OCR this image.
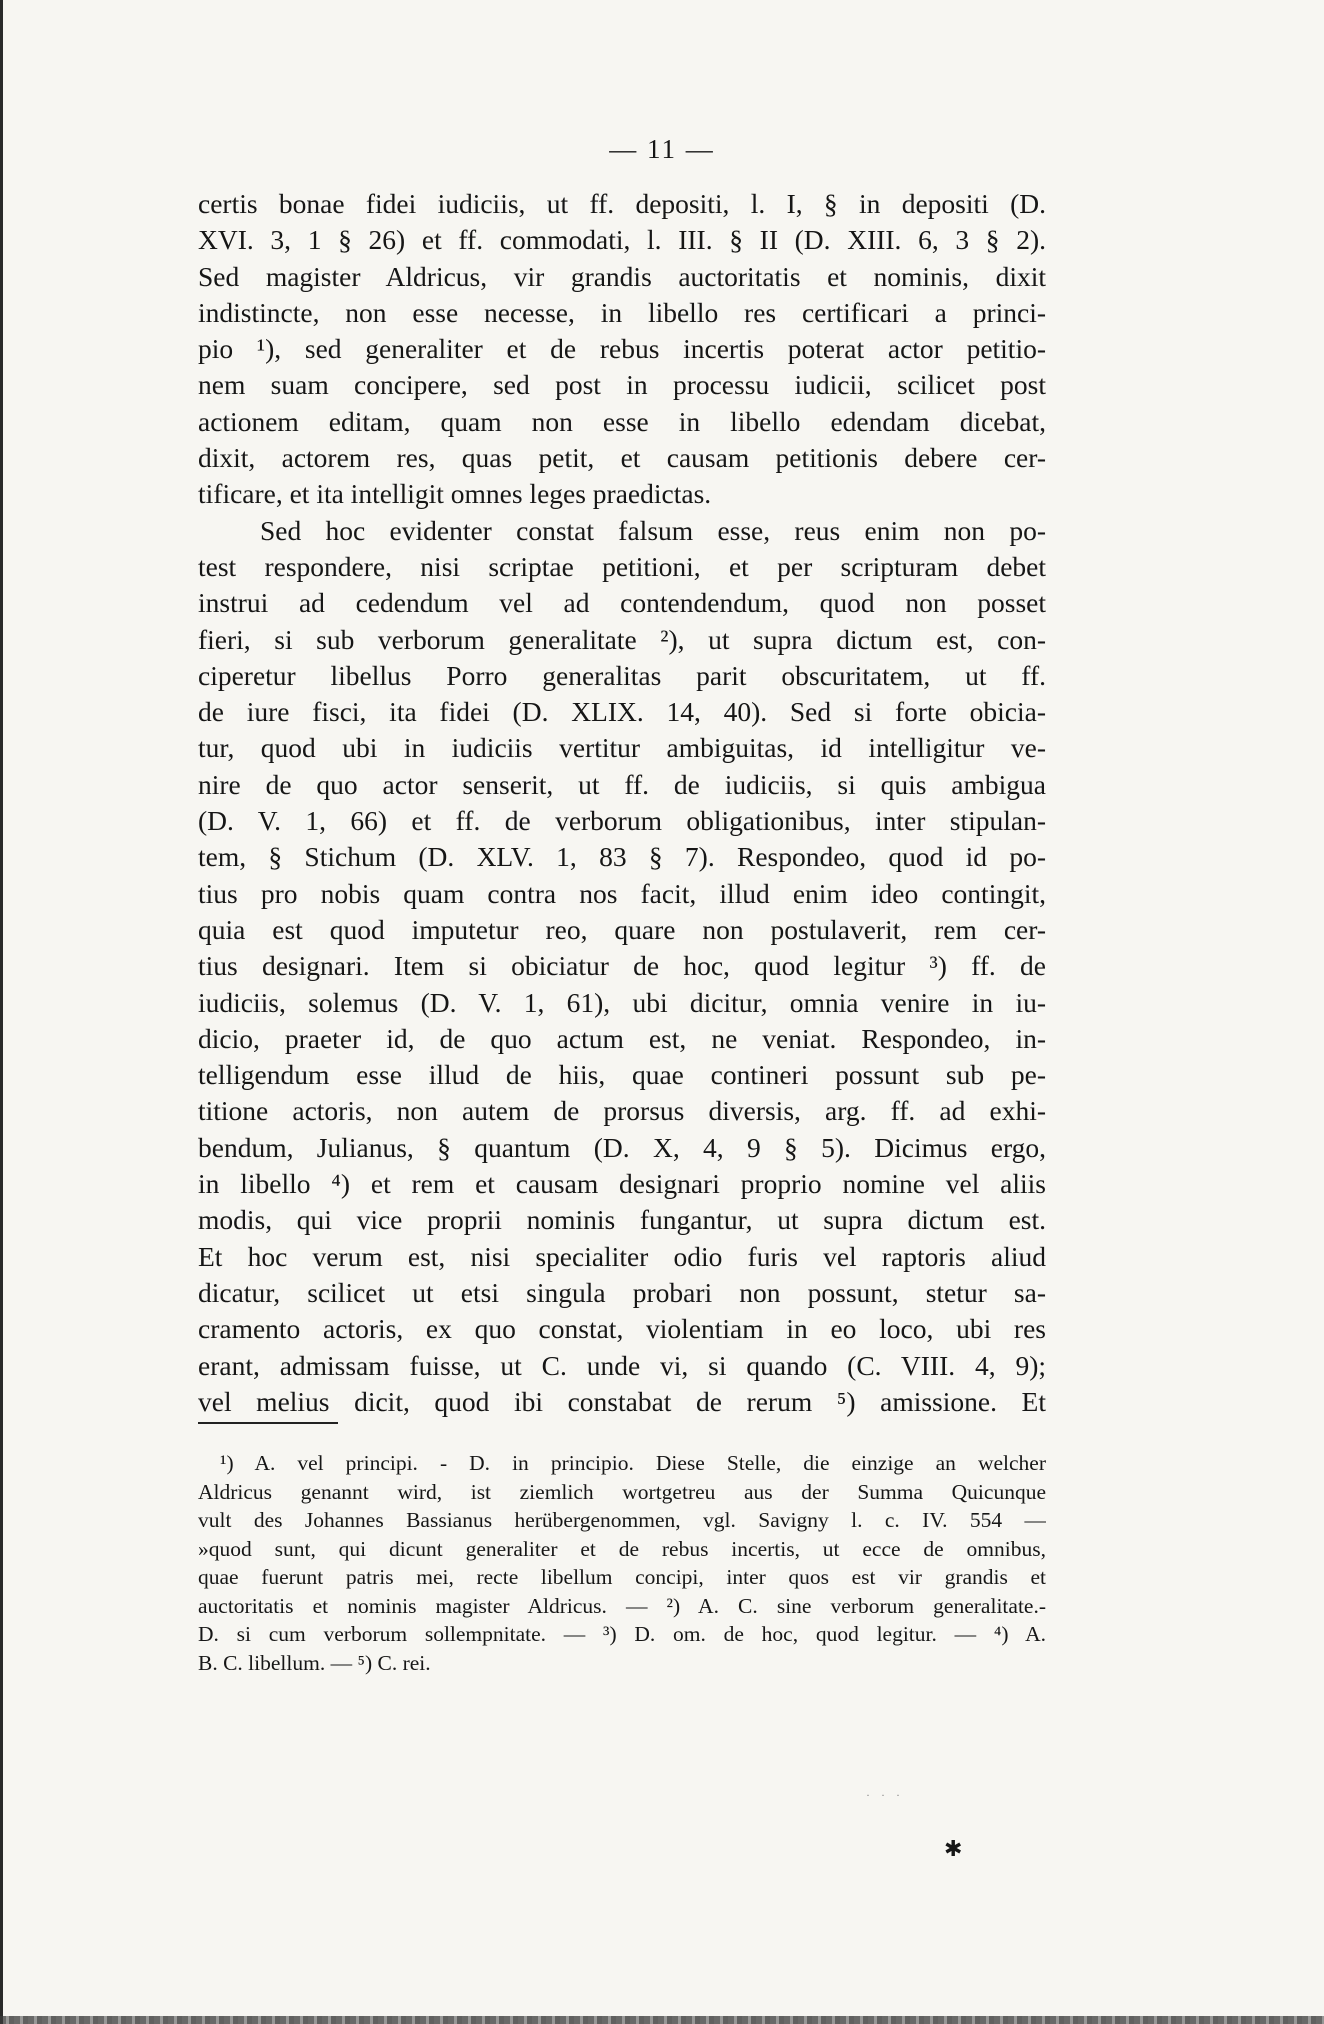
— 11 —
certis bonae fidei iudiciis, ut ff. depositi, l. I, § in depositi (D.
XVI. 3, 1 § 26) et ff. commodati, l. III. § II (D. XIII. 6, 3 § 2).
Sed magister Aldricus, vir grandis auctoritatis et nominis, dixit
indistincte, non esse necesse, in libello res certificari a princi-
pio ¹), sed generaliter et de rebus incertis poterat actor petitio-
nem suam concipere, sed post in processu iudicii, scilicet post
actionem editam, quam non esse in libello edendam dicebat,
dixit, actorem res, quas petit, et causam petitionis debere cer-
tificare, et ita intelligit omnes leges praedictas.
Sed hoc evidenter constat falsum esse, reus enim non po-
test respondere, nisi scriptae petitioni, et per scripturam debet
instrui ad cedendum vel ad contendendum, quod non posset
fieri, si sub verborum generalitate ²), ut supra dictum est, con-
ciperetur libellus Porro generalitas parit obscuritatem, ut ff.
de iure fisci, ita fidei (D. XLIX. 14, 40). Sed si forte obicia-
tur, quod ubi in iudiciis vertitur ambiguitas, id intelligitur ve-
nire de quo actor senserit, ut ff. de iudiciis, si quis ambigua
(D. V. 1, 66) et ff. de verborum obligationibus, inter stipulan-
tem, § Stichum (D. XLV. 1, 83 § 7). Respondeo, quod id po-
tius pro nobis quam contra nos facit, illud enim ideo contingit,
quia est quod imputetur reo, quare non postulaverit, rem cer-
tius designari. Item si obiciatur de hoc, quod legitur ³) ff. de
iudiciis, solemus (D. V. 1, 61), ubi dicitur, omnia venire in iu-
dicio, praeter id, de quo actum est, ne veniat. Respondeo, in-
telligendum esse illud de hiis, quae contineri possunt sub pe-
titione actoris, non autem de prorsus diversis, arg. ff. ad exhi-
bendum, Julianus, § quantum (D. X, 4, 9 § 5). Dicimus ergo,
in libello ⁴) et rem et causam designari proprio nomine vel aliis
modis, qui vice proprii nominis fungantur, ut supra dictum est.
Et hoc verum est, nisi specialiter odio furis vel raptoris aliud
dicatur, scilicet ut etsi singula probari non possunt, stetur sa-
cramento actoris, ex quo constat, violentiam in eo loco, ubi res
erant, admissam fuisse, ut C. unde vi, si quando (C. VIII. 4, 9);
vel melius dicit, quod ibi constabat de rerum ⁵) amissione. Et
¹) A. vel principi. - D. in principio. Diese Stelle, die einzige an welcher
Aldricus genannt wird, ist ziemlich wortgetreu aus der Summa Quicunque
vult des Johannes Bassianus herübergenommen, vgl. Savigny l. c. IV. 554 —
»quod sunt, qui dicunt generaliter et de rebus incertis, ut ecce de omnibus,
quae fuerunt patris mei, recte libellum concipi, inter quos est vir grandis et
auctoritatis et nominis magister Aldricus. — ²) A. C. sine verborum generalitate.-
D. si cum verborum sollempnitate. — ³) D. om. de hoc, quod legitur. — ⁴) A.
B. C. libellum. — ⁵) C. rei.
· · ·
✱
